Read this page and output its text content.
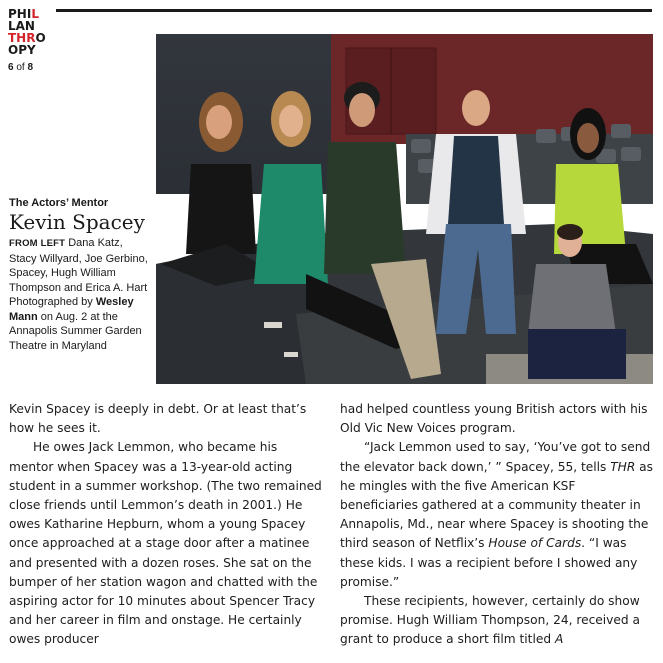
PHI L
LAN
THR O
OPY
6 of 8

The Actors’ Mentor

Kevin Spacey

FROM LEFT Dana Katz, Stacy Willyard, Joe Gerbino, Spacey, Hugh William Thompson and Erica A. Hart Photographed by Wesley Mann on Aug. 2 at the Annapolis Summer Garden Theatre in Maryland

Kevin Spacey is deeply in debt. Or at least that’s how he sees it.

He owes Jack Lemmon, who became his mentor when Spacey was a 13-year-old acting student in a summer workshop. (The two remained close friends until Lemmon’s death in 2001.) He owes Katharine Hepburn, whom a young Spacey once approached at a stage door after a matinee and presented with a dozen roses. She sat on the bumper of her station wagon and chatted with the aspiring actor for 10 minutes about Spencer Tracy and her career in film and onstage. He certainly owes producer

had helped countless young British actors with his Old Vic New Voices program.

“Jack Lemmon used to say, ‘You’ve got to send the elevator back down,’ ” Spacey, 55, tells THR as he mingles with the five American KSF beneficiaries gathered at a community theater in Annapolis, Md., near where Spacey is shooting the third season of Netflix’s House of Cards. “I was these kids. I was a recipient before I showed any promise.”

These recipients, however, certainly do show promise. Hugh William Thompson, 24, received a grant to produce a short film titled A
